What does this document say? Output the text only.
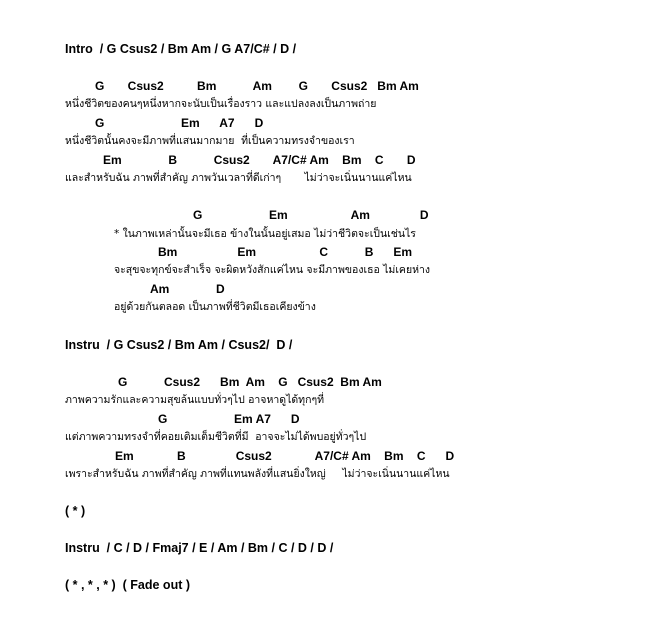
Intro  / G Csus2 / Bm Am / G A7/C# / D /

G       Csus2          Bm           Am        G       Csus2   Bm Am

หนึ่งชีวิตของคนๆหนึ่งหากจะนับเป็นเรื่องราว และแปลงลงเป็นภาพถ่าย

G                       Em      A7      D

หนึ่งชีวิตนั้นคงจะมีภาพที่แสนมากมาย  ที่เป็นความทรงจำของเรา

Em              B           Csus2       A7/C# Am    Bm    C       D

และสำหรับฉัน ภาพที่สำคัญ ภาพวันเวลาที่ดีเก่าๆ       ไม่ว่าจะเนิ่นนานแค่ไหน

G                    Em                   Am               D

* ในภาพเหล่านั้นจะมีเธอ ข้างในนั้นอยู่เสมอ ไม่ว่าชีวิตจะเป็นเช่นไร

Bm                  Em                   C           B      Em

จะสุขจะทุกข์จะสำเร็จ จะผิดหวังสักแค่ไหน จะมีภาพของเธอ ไม่เคยห่าง

Am              D

อยู่ด้วยกันตลอด เป็นภาพที่ชีวิตมีเธอเคียงข้าง

Instru  / G Csus2 / Bm Am / Csus2/  D /

G           Csus2      Bm  Am    G   Csus2  Bm Am

ภาพความรักและความสุขล้นแบบทั่วๆไป อาจหาดูได้ทุกๆที่

G                    Em A7      D

แต่ภาพความทรงจำที่คอยเติมเต็มชีวิตที่มี  อาจจะไม่ได้พบอยู่ทั่วๆไป

Em             B               Csus2             A7/C# Am    Bm    C      D

เพราะสำหรับฉัน ภาพที่สำคัญ ภาพที่แทนพลังที่แสนยิ่งใหญ่     ไม่ว่าจะเนิ่นนานแค่ไหน

( * )

Instru  / C / D / Fmaj7 / E / Am / Bm / C / D / D /

( * , * , * )  ( Fade out )
